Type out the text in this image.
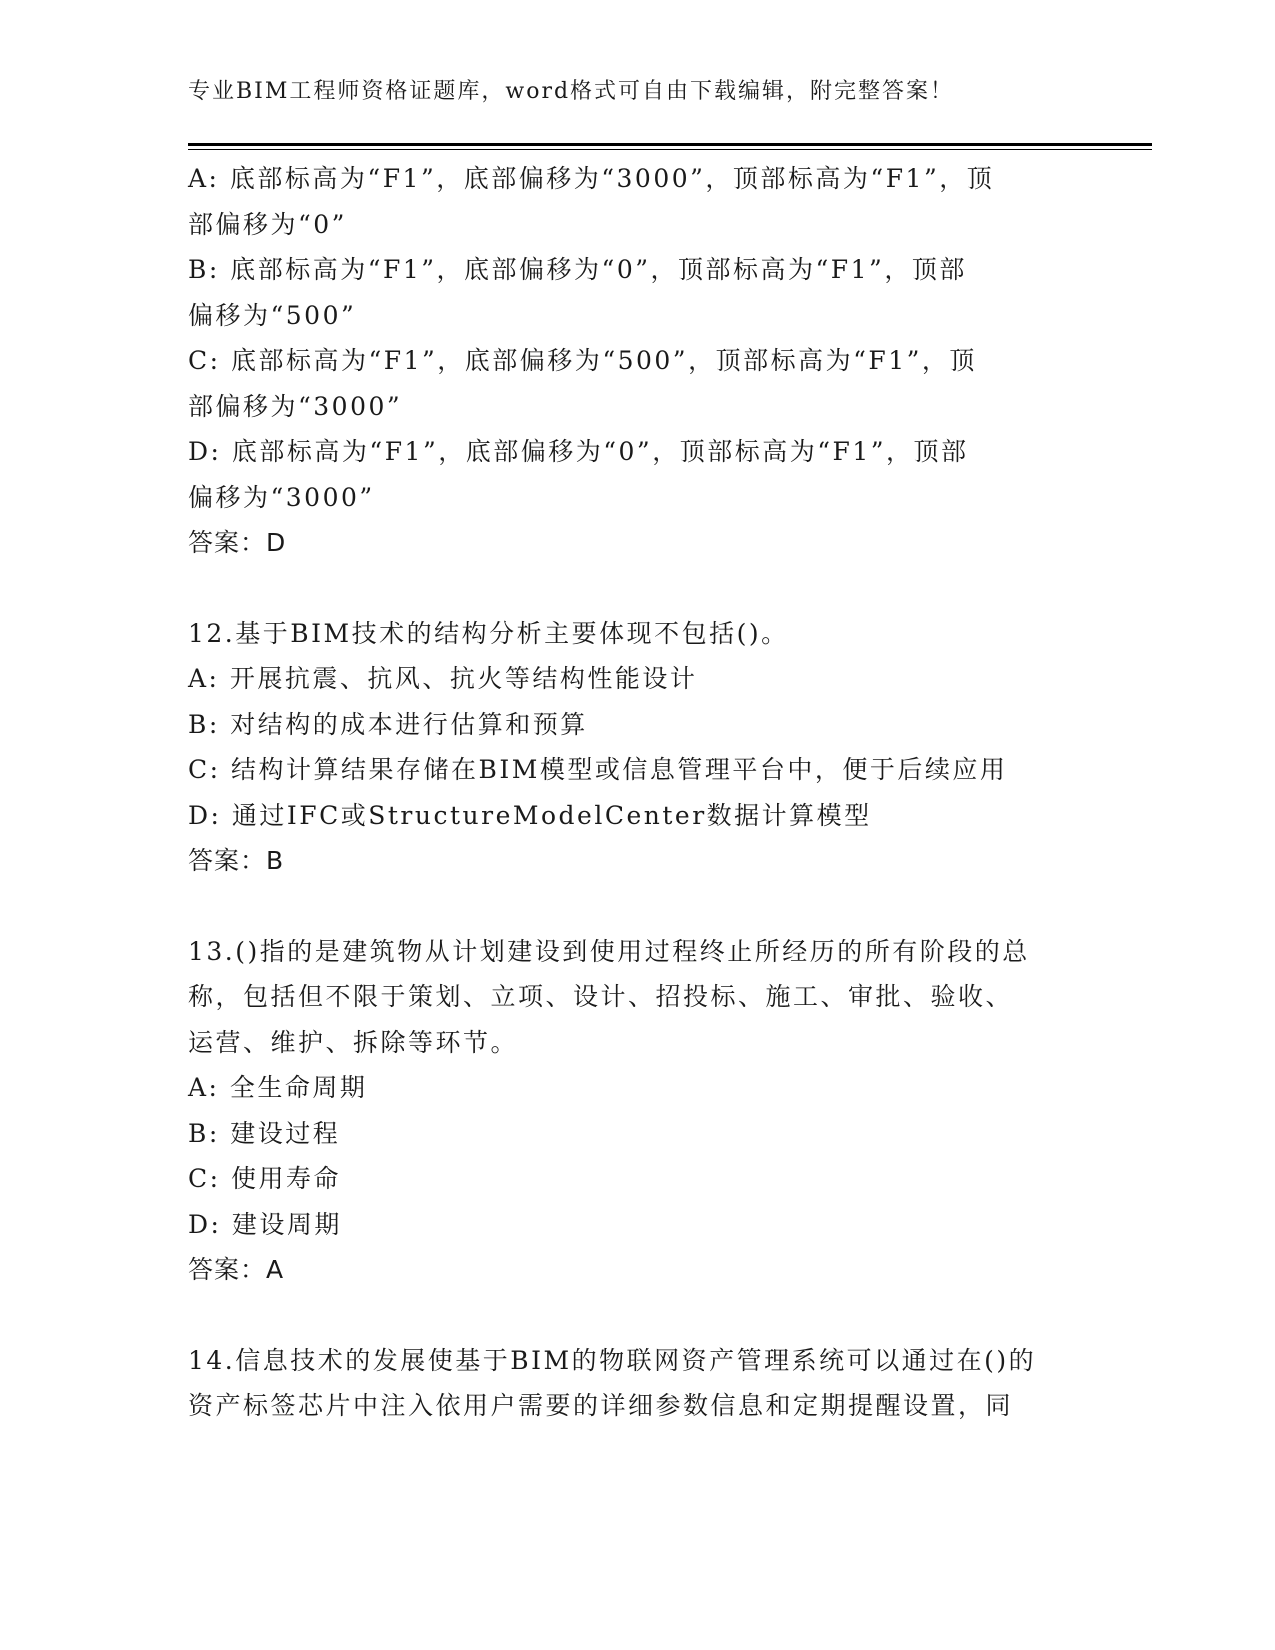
专业BIM工程师资格证题库，word格式可自由下载编辑，附完整答案！
A: 底部标高为“F1”，底部偏移为“3000”，顶部标高为“F1”，顶
部偏移为“0”
B: 底部标高为“F1”，底部偏移为“0”，顶部标高为“F1”，顶部
偏移为“500”
C: 底部标高为“F1”，底部偏移为“500”，顶部标高为“F1”，顶
部偏移为“3000”
D: 底部标高为“F1”，底部偏移为“0”，顶部标高为“F1”，顶部
偏移为“3000”
答案：D
12.基于BIM技术的结构分析主要体现不包括()。
A: 开展抗震、抗风、抗火等结构性能设计
B: 对结构的成本进行估算和预算
C: 结构计算结果存储在BIM模型或信息管理平台中，便于后续应用
D: 通过IFC或StructureModelCenter数据计算模型
答案：B
13.()指的是建筑物从计划建设到使用过程终止所经历的所有阶段的总
称，包括但不限于策划、立项、设计、招投标、施工、审批、验收、
运营、维护、拆除等环节。
A: 全生命周期
B: 建设过程
C: 使用寿命
D: 建设周期
答案：A
14.信息技术的发展使基于BIM的物联网资产管理系统可以通过在()的
资产标签芯片中注入依用户需要的详细参数信息和定期提醒设置，同
